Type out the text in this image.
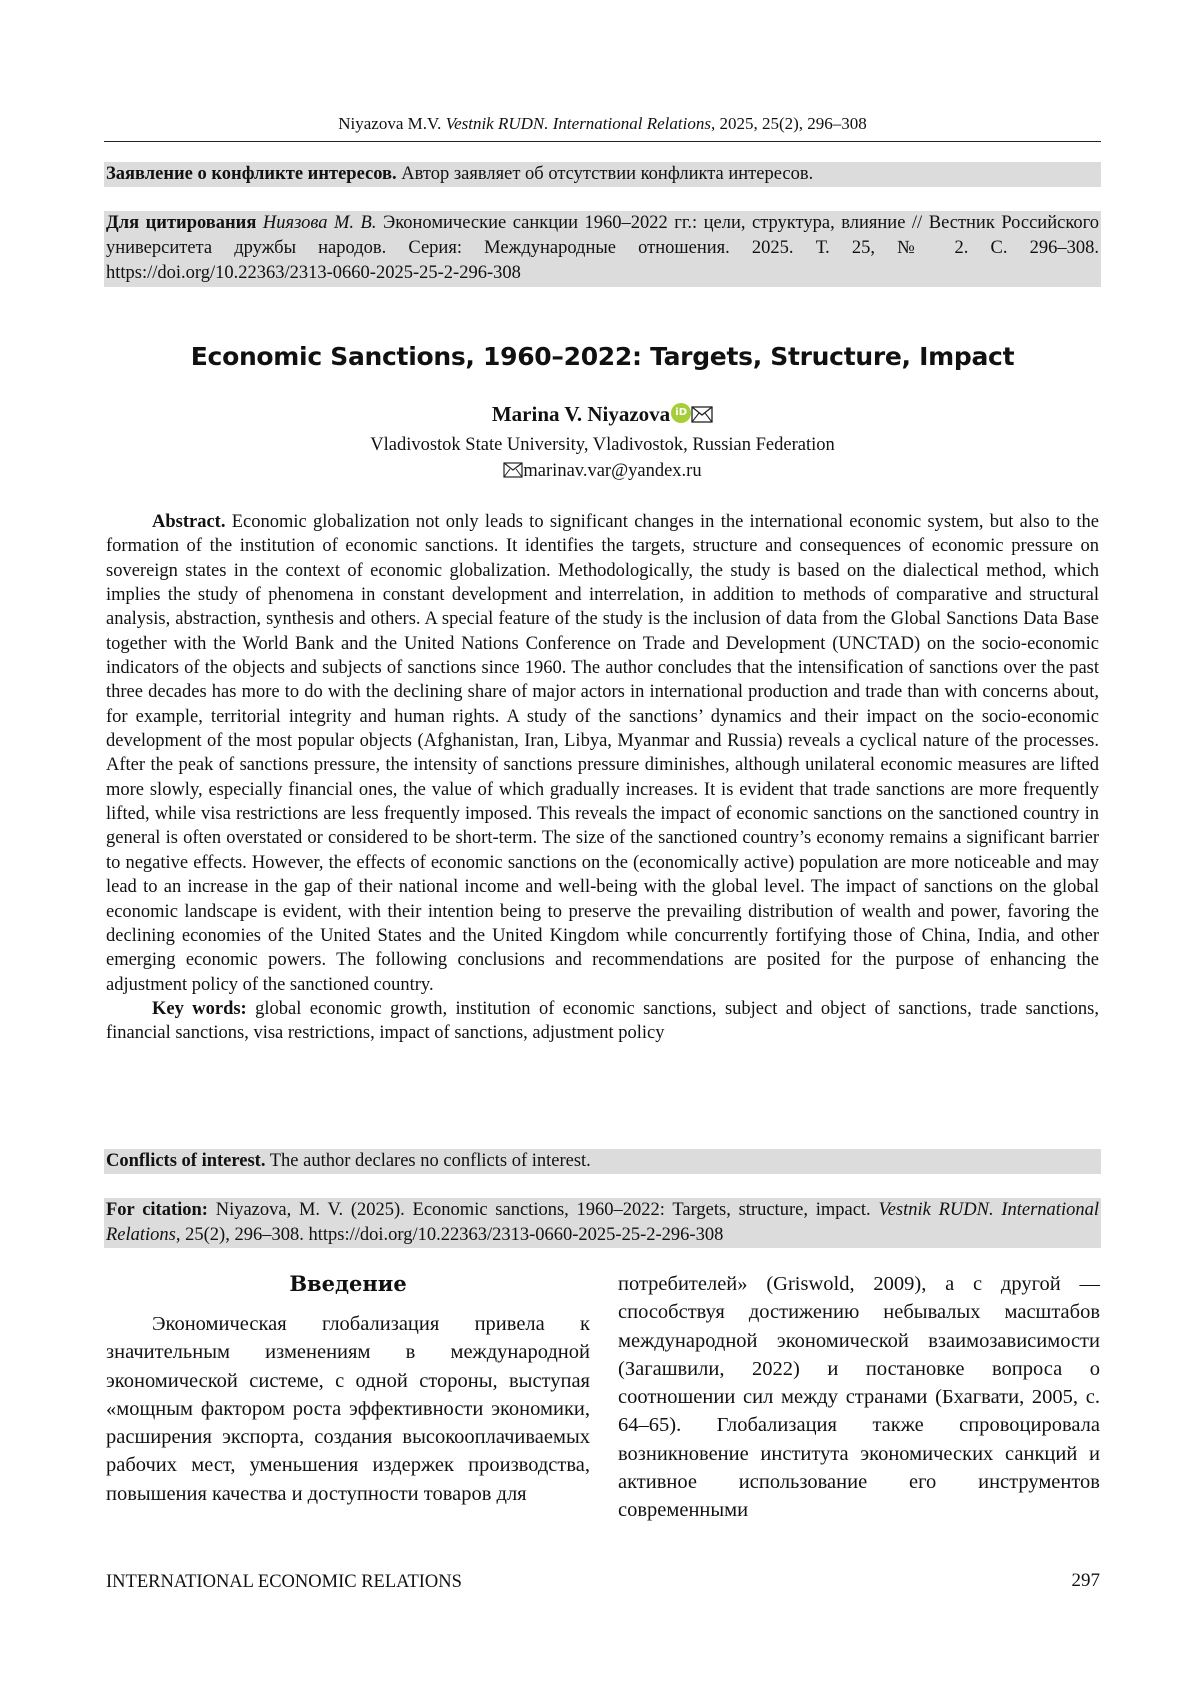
Niyazova M.V. Vestnik RUDN. International Relations, 2025, 25(2), 296–308
Заявление о конфликте интересов. Автор заявляет об отсутствии конфликта интересов.
Для цитирования Ниязова М. В. Экономические санкции 1960–2022 гг.: цели, структура, влияние // Вестник Российского университета дружбы народов. Серия: Международные отношения. 2025. Т. 25, № 2. С. 296–308. https://doi.org/10.22363/2313-0660-2025-25-2-296-308
Economic Sanctions, 1960–2022: Targets, Structure, Impact
Marina V. Niyazova iD
Vladivostok State University, Vladivostok, Russian Federation
marinav.var@yandex.ru

Abstract. Economic globalization not only leads to significant changes in the international economic system, but also to the formation of the institution of economic sanctions. It identifies the targets, structure and consequences of economic pressure on sovereign states in the context of economic globalization. Methodologically, the study is based on the dialectical method, which implies the study of phenomena in constant development and interrelation, in addition to methods of comparative and structural analysis, abstraction, synthesis and others. A special feature of the study is the inclusion of data from the Global Sanctions Data Base together with the World Bank and the United Nations Conference on Trade and Development (UNCTAD) on the socio-economic indicators of the objects and subjects of sanctions since 1960. The author concludes that the intensification of sanctions over the past three decades has more to do with the declining share of major actors in international production and trade than with concerns about, for example, territorial integrity and human rights. A study of the sanctions’ dynamics and their impact on the socio-economic development of the most popular objects (Afghanistan, Iran, Libya, Myanmar and Russia) reveals a cyclical nature of the processes. After the peak of sanctions pressure, the intensity of sanctions pressure diminishes, although unilateral economic measures are lifted more slowly, especially financial ones, the value of which gradually increases. It is evident that trade sanctions are more frequently lifted, while visa restrictions are less frequently imposed. This reveals the impact of economic sanctions on the sanctioned country in general is often overstated or considered to be short-term. The size of the sanctioned country’s economy remains a significant barrier to negative effects. However, the effects of economic sanctions on the (economically active) population are more noticeable and may lead to an increase in the gap of their national income and well-being with the global level. The impact of sanctions on the global economic landscape is evident, with their intention being to preserve the prevailing distribution of wealth and power, favoring the declining economies of the United States and the United Kingdom while concurrently fortifying those of China, India, and other emerging economic powers. The following conclusions and recommendations are posited for the purpose of enhancing the adjustment policy of the sanctioned country.

Key words: global economic growth, institution of economic sanctions, subject and object of sanctions, trade sanctions, financial sanctions, visa restrictions, impact of sanctions, adjustment policy

Conflicts of interest. The author declares no conflicts of interest.
For citation: Niyazova, M. V. (2025). Economic sanctions, 1960–2022: Targets, structure, impact. Vestnik RUDN. International Relations, 25(2), 296–308. https://doi.org/10.22363/2313-0660-2025-25-2-296-308
Введение

Экономическая глобализация привела к значительным изменениям в международной экономической системе, с одной стороны, выступая «мощным фактором роста эффективности экономики, расширения экспорта, создания высокооплачиваемых рабочих мест, уменьшения издержек производства, повышения качества и доступности товаров для

потребителей» (Griswold, 2009), а с другой — способствуя достижению небывалых масштабов международной экономической взаимозависимости (Загашвили, 2022) и постановке вопроса о соотношении сил между странами (Бхагвати, 2005, с. 64–65). Глобализация также спровоцировала возникновение института экономических санкций и активное использование его инструментов современными

INTERNATIONAL ECONOMIC RELATIONS	297
